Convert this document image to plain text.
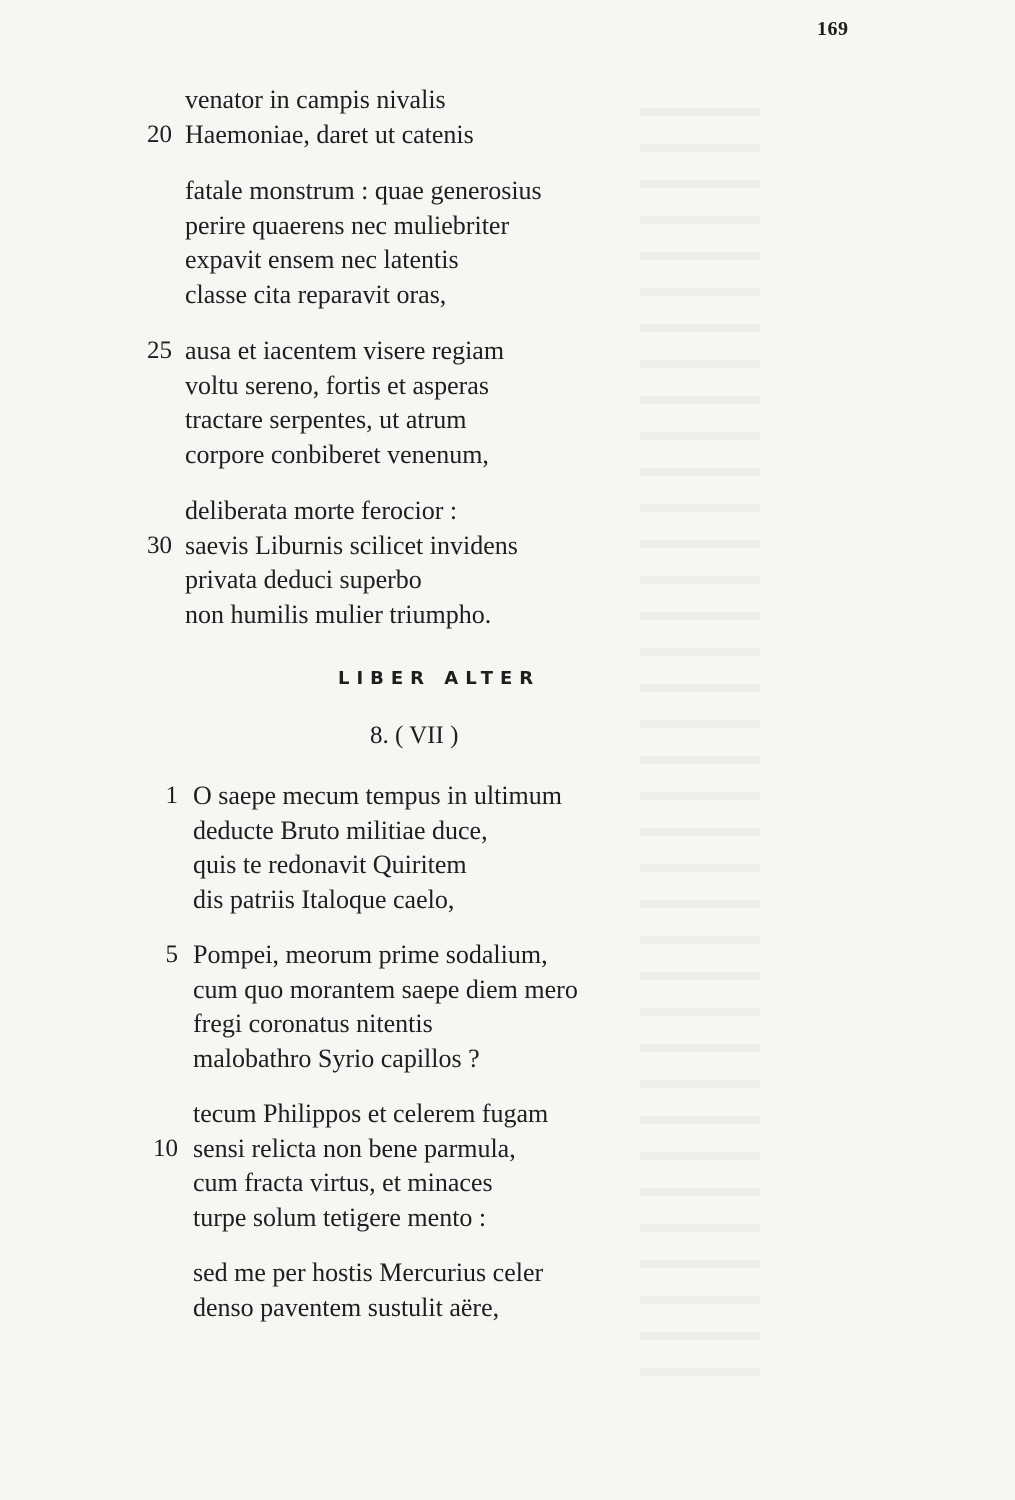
169
venator in campis nivalis
20 Haemoniae, daret ut catenis
fatale monstrum : quae generosius
perire quaerens nec muliebriter
expavit ensem nec latentis
classe cita reparavit oras,
25 ausa et iacentem visere regiam
voltu sereno, fortis et asperas
tractare serpentes, ut atrum
corpore conbiberet venenum,
deliberata morte ferocior :
30 saevis Liburnis scilicet invidens
privata deduci superbo
non humilis mulier triumpho.
LIBER ALTER
8. ( VII )
1 O saepe mecum tempus in ultimum
deducte Bruto militiae duce,
quis te redonavit Quiritem
dis patriis Italoque caelo,
5 Pompei, meorum prime sodalium,
cum quo morantem saepe diem mero
fregi coronatus nitentis
malobathro Syrio capillos ?
tecum Philippos et celerem fugam
10 sensi relicta non bene parmula,
cum fracta virtus, et minaces
turpe solum tetigere mento :
sed me per hostis Mercurius celer
denso paventem sustulit aëre,
